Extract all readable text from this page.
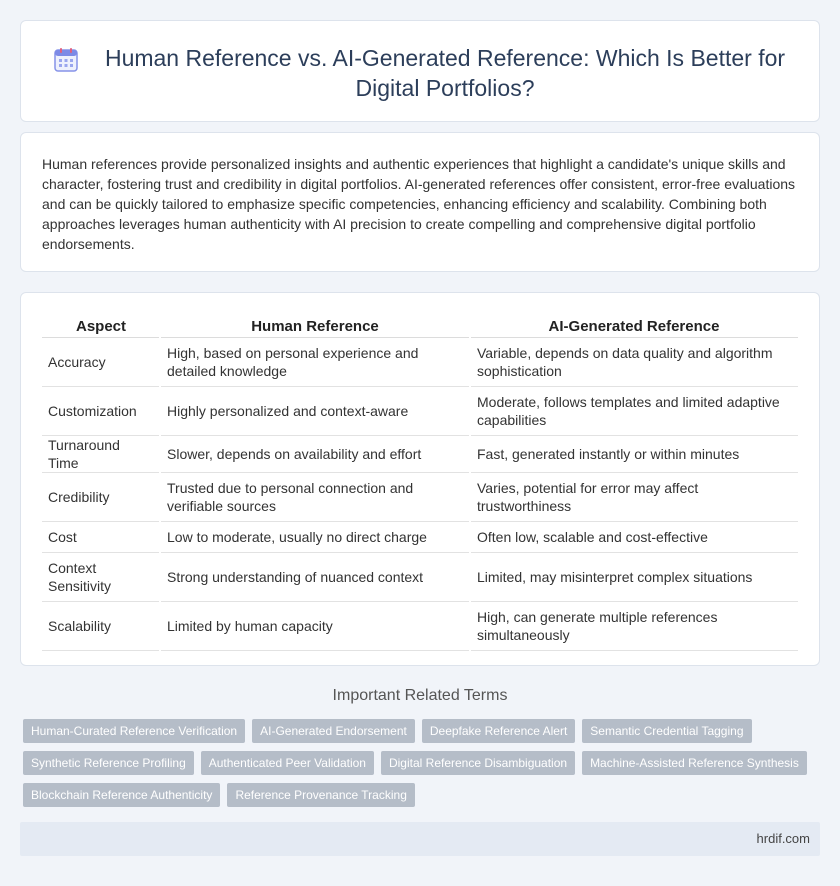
Human Reference vs. AI-Generated Reference: Which Is Better for Digital Portfolios?

Human references provide personalized insights and authentic experiences that highlight a candidate's unique skills and character, fostering trust and credibility in digital portfolios. AI-generated references offer consistent, error-free evaluations and can be quickly tailored to emphasize specific competencies, enhancing efficiency and scalability. Combining both approaches leverages human authenticity with AI precision to create compelling and comprehensive digital portfolio endorsements.

Aspect	Human Reference	AI-Generated Reference
Accuracy	High, based on personal experience and detailed knowledge	Variable, depends on data quality and algorithm sophistication
Customization	Highly personalized and context-aware	Moderate, follows templates and limited adaptive capabilities
Turnaround Time	Slower, depends on availability and effort	Fast, generated instantly or within minutes
Credibility	Trusted due to personal connection and verifiable sources	Varies, potential for error may affect trustworthiness
Cost	Low to moderate, usually no direct charge	Often low, scalable and cost-effective
Context Sensitivity	Strong understanding of nuanced context	Limited, may misinterpret complex situations
Scalability	Limited by human capacity	High, can generate multiple references simultaneously
Important Related Terms
Human-Curated Reference Verification	AI-Generated Endorsement	Deepfake Reference Alert	Semantic Credential Tagging
Synthetic Reference Profiling	Authenticated Peer Validation	Digital Reference Disambiguation	Machine-Assisted Reference Synthesis
Blockchain Reference Authenticity	Reference Provenance Tracking
hrdif.com
